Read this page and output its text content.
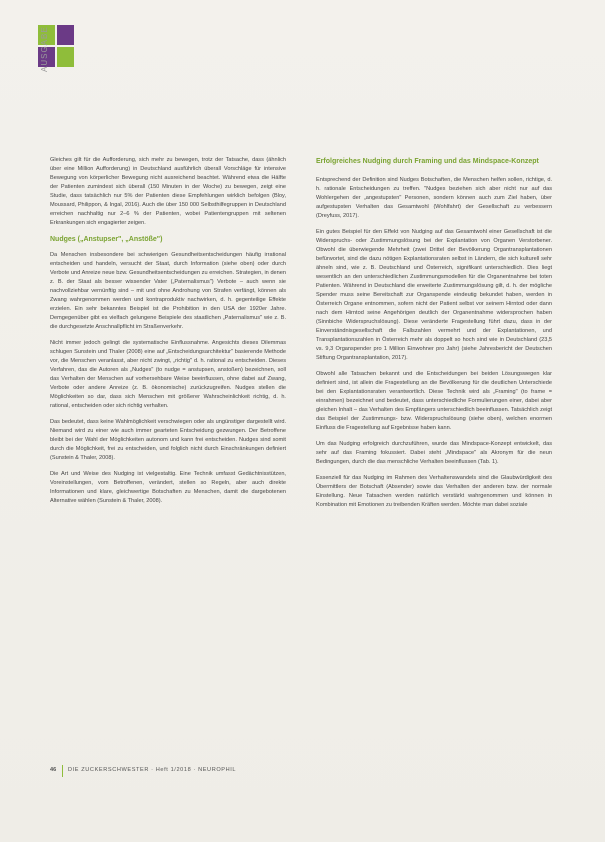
AUSGABE

Gleiches gilt für die Aufforderung, sich mehr zu bewegen, trotz der Tatsache, dass (ähnlich über eine Million Aufforderung) in Deutschland ausführlich überall Vorschläge für intensive Bewegung von körperlicher Bewegung nicht ausreichend beachtet. Während etwa die Hälfte der Patienten zumindest sich überall (150 Minuten in der Woche) zu bewegen, zeigt eine Studie, dass tatsächlich nur 5% der Patienten diese Empfehlungen wirklich befolgen (Bloy, Moussard, Philippon, & Ingal, 2016). Auch die über 150 000 Selbsthilfegruppen in Deutschland erreichen nachhaltig nur 2–6 % der Patienten, wobei Patientengruppen mit seltenen Erkrankungen sich engagierter zeigen.

Nudges („Anstupser", „Anstöße")

Da Menschen insbesondere bei schwierigen Gesundheitsentscheidungen häufig irrational entscheiden und handeln, versucht der Staat, durch Information (siehe oben) oder durch Verbote und Anreize neue bzw. Gesundheitsentscheidungen zu erreichen. Strategien, in denen z. B. der Staat als besser wissender Vater („Paternalismus") Verbote – auch wenn sie nachvollziehbar vernünftig sind – mit und ohne Androhung von Strafen verfängt, können als Zwang wahrgenommen werden und kontraproduktiv nachwirken, d. h. gegenteilige Effekte erzielen. Ein sehr bekanntes Beispiel ist die Prohibition in den USA der 1920er Jahre. Demgegenüber gibt es vielfach gelungene Beispiele des staatlichen „Paternalismus" wie z. B. die durchgesetzte Anschnallpflicht im Straßenverkehr.

Nicht immer jedoch gelingt die systematische Einflussnahme. Angesichts dieses Dilemmas schlugen Sunstein und Thaler (2008) eine auf „Entscheidungsarchitektur" basierende Methode vor, die Menschen veranlasst, aber nicht zwingt, „richtig" d. h. rational zu entscheiden. Dieses Verfahren, das die Autoren als „Nudges" (to nudge = anstupsen, anstoßen) bezeichnen, soll das Verhalten der Menschen auf vorhersehbare Weise beeinflussen, ohne dabei auf Zwang, Verbote oder andere Anreize (z. B. ökonomische) zurückzugreifen. Nudges stellen die Möglichkeiten so dar, dass sich Menschen mit größerer Wahrscheinlichkeit richtig, d. h. rational, entscheiden oder sich richtig verhalten.

Das bedeutet, dass keine Wahlmöglichkeit verschwiegen oder als ungünstiger dargestellt wird. Niemand wird zu einer wie auch immer gearteten Entscheidung gezwungen. Der Betroffene bleibt bei der Wahl der Möglichkeiten autonom und kann frei entscheiden. Nudges sind somit durch die Möglichkeit, frei zu entscheiden, und folglich nicht durch Einschränkungen definiert (Sunstein & Thaler, 2008).

Die Art und Weise des Nudging ist vielgestaltig. Eine Technik umfasst Gedächtnisstützen, Voreinstellungen, vom Betroffenen, verändert, stellen so Regeln, aber auch direkte Informationen und klare, gleichwertige Botschaften zu Menschen, damit die dargebotenen Alternative wählen (Sunstein & Thaler, 2008).

Erfolgreiches Nudging durch Framing und das Mindspace-Konzept

Entsprechend der Definition sind Nudges Botschaften, die Menschen helfen sollen, richtige, d. h. rationale Entscheidungen zu treffen. "Nudges beziehen sich aber nicht nur auf das Wohlergehen der „angestupsten" Personen, sondern können auch zum Ziel haben, über aufgestupsten Verhalten das Gesamtwohl (Wohlfahrt) der Gesellschaft zu verbessern (Dreyfuss, 2017).

Ein gutes Beispiel für den Effekt von Nudging auf das Gesamtwohl einer Gesellschaft ist die Widerspruchs- oder Zustimmungslösung bei der Explantation von Organen Verstorbener. Obwohl die überwiegende Mehrheit (zwei Drittel der Bevölkerung Organtransplantationen befürwortet, sind die dazu nötigen Explantationsraten selbst in Ländern, die sich kulturell sehr ähneln sind, wie z. B. Deutschland und Österreich, signifikant unterschiedlich. Dies liegt wesentlich an den unterschiedlichen Zustimmungsmodellen für die Organentnahme bei toten Patienten. Während in Deutschland die erweiterte Zustimmungslösung gilt, d. h. der mögliche Spender muss seine Bereitschaft zur Organspende eindeutig bekundet haben, werden in Österreich Organe entnommen, sofern nicht der Patient selbst vor seinem Hirntod oder dann nach dem Hirntod seine Angehörigen deutlich der Organentnahme widersprochen haben (Sinnbiche Widerspruchslösung). Diese veränderte Fragestellung führt dazu, dass in der Einverständnisgesellschaft die Fallszahlen vermehrt und der Explantationen, und Transplantationszahlen in Österreich mehr als doppelt so hoch sind wie in Deutschland (23,5 vs. 9,3 Organspender pro 1 Million Einwohner pro Jahr) (siehe Jahresbericht der Deutschen Stiftung Organtransplantation, 2017).

Obwohl alle Tatsachen bekannt und die Entscheidungen bei beiden Lösungswegen klar definiert sind, ist allein die Fragestellung an die Bevölkerung für die deutlichen Unterschiede bei den Explantationsraten verantwortlich. Diese Technik wird als „Framing" (to frame = einrahmen) bezeichnet und bedeutet, dass unterschiedliche Formulierungen einer, dabei aber gleichen Inhalt – das Verhalten des Empfängers unterschiedlich beeinflussen. Tatsächlich zeigt das Beispiel der Zustimmungs- bzw. Widerspruchslösung (siehe oben), welchen enormen Einfluss die Fragestellung auf Ergebnisse haben kann.

Um das Nudging erfolgreich durchzuführen, wurde das Mindspace-Konzept entwickelt, das sehr auf das Framing fokussiert. Dabei steht „Mindspace" als Akronym für die neun Bedingungen, durch die das menschliche Verhalten beeinflussen (Tab. 1).

Essenziell für das Nudging im Rahmen des Verhaltenswandels sind die Glaubwürdigkeit des Übermittlers der Botschaft (Absender) sowie das Verhalten der anderen bzw. der normale Einstellung. Neue Tatsachen werden natürlich verstärkt wahrgenommen und können in Kombination mit Emotionen zu treibenden Kräften werden. Möchte man dabei soziale

46 DIE ZUCKERSCHWESTER · Heft 1/2018 · NEUROPHIL
